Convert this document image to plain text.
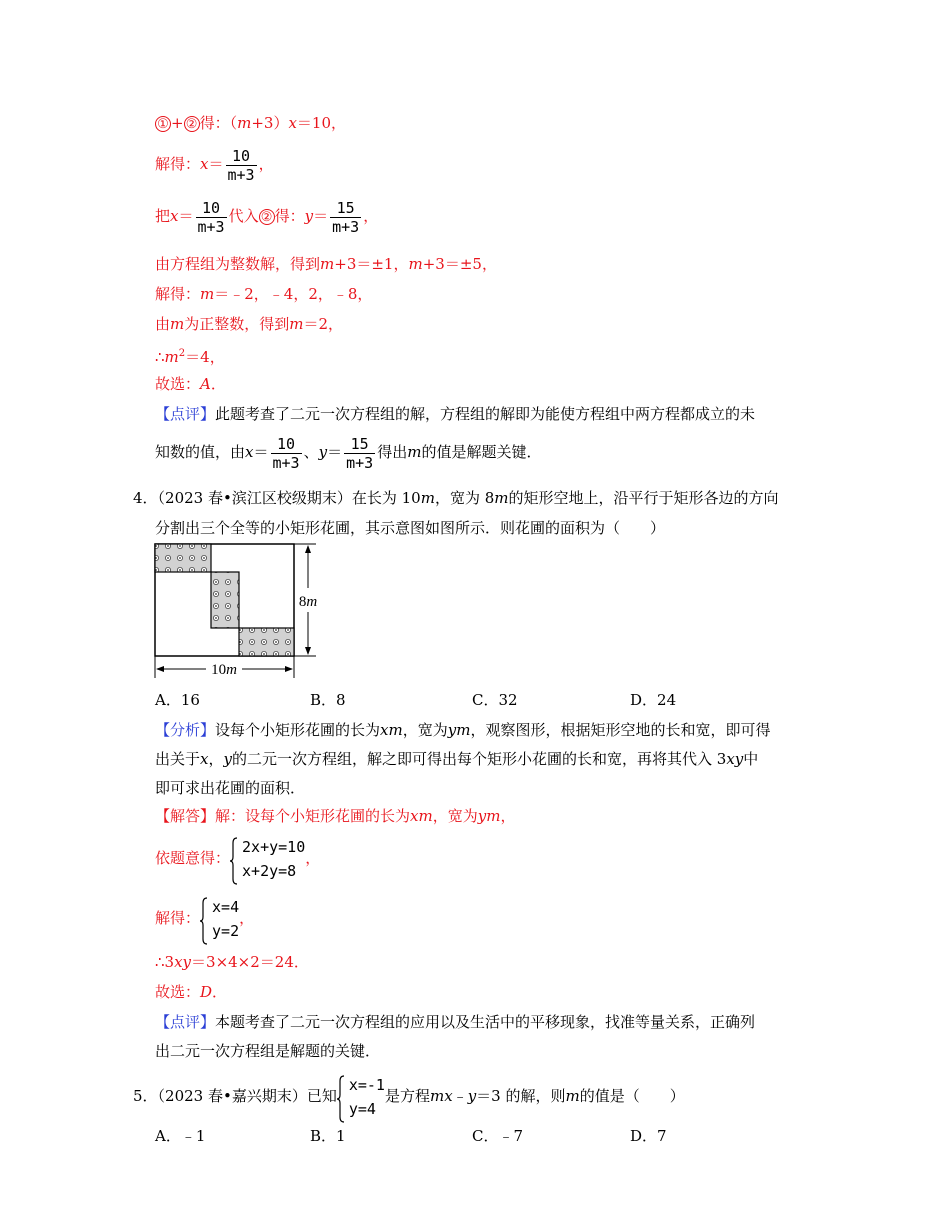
① + ② 得：（m+3）x＝10，
解得：$x= \frac{10}{m+3}$ ，
把$x= \frac{10}{m+3}$ 代入 ② 得：$y= \frac{15}{m+3}$ ，
由方程组为整数解，得到m+3＝±1，m+3＝±5，
解得：m＝﹣2，﹣4，2，﹣8，
由m为正整数，得到m＝2，
$\therefore m^2=4$，
故选：A．
【点评】此题考查了二元一次方程组的解，方程组的解即为能使方程组中两方程都成立的未
知数的值，由$x= \frac{10}{m+3}$ 、$y= \frac{15}{m+3}$ 得出m的值是解题关键．
4．（2023 春•滨江区校级期末）在长为 10m，宽为 8m的矩形空地上，沿平行于矩形各边的方向
分割出三个全等的小矩形花圃，其示意图如图所示．则花圃的面积为（　　）
8m
10m
A．16	B．8	C．32	D．24
【分析】设每个小矩形花圃的长为xm，宽为ym，观察图形，根据矩形空地的长和宽，即可得
出关于x，y的二元一次方程组，解之即可得出每个矩形小花圃的长和宽，再将其代入 3xy中
即可求出花圃的面积．
【解答】解：设每个小矩形花圃的长为xm，宽为ym，
依题意得：
2x+y=10
x+2y=8
，
解得：
x=4
y=2
，
∴3xy＝3×4×2＝24．
故选：D．
【点评】本题考查了二元一次方程组的应用以及生活中的平移现象，找准等量关系，正确列
出二元一次方程组是解题的关键．
5．（2023 春•嘉兴期末）已知
x=-1
y=4
是方程mx﹣y＝3 的解，则m的值是（　　）
A．﹣1	B．1	C．﹣7	D．7
